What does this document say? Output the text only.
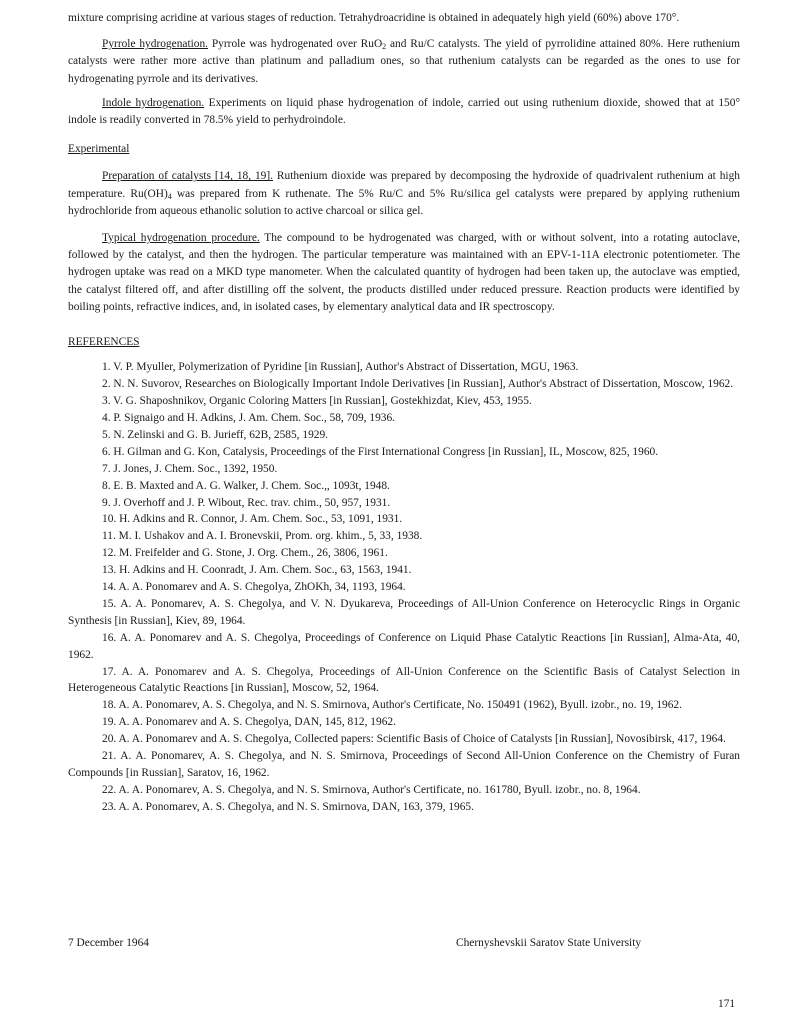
mixture comprising acridine at various stages of reduction. Tetrahydroacridine is obtained in adequately high yield (60%) above 170°.

Pyrrole hydrogenation. Pyrrole was hydrogenated over RuO$_2$ and Ru/C catalysts. The yield of pyrrolidine attained 80%. Here ruthenium catalysts were rather more active than platinum and palladium ones, so that ruthenium catalysts can be regarded as the ones to use for hydrogenating pyrrole and its derivatives.

Indole hydrogenation. Experiments on liquid phase hydrogenation of indole, carried out using ruthenium dioxide, showed that at 150° indole is readily converted in 78.5% yield to perhydroindole.

Experimental

Preparation of catalysts [14, 18, 19]. Ruthenium dioxide was prepared by decomposing the hydroxide of quadrivalent ruthenium at high temperature. $Ru(OH)_4$ was prepared from K ruthenate. The 5% Ru/C and 5% Ru/silica gel catalysts were prepared by applying ruthenium hydrochloride from aqueous ethanolic solution to active charcoal or silica gel.

Typical hydrogenation procedure. The compound to be hydrogenated was charged, with or without solvent, into a rotating autoclave, followed by the catalyst, and then the hydrogen. The particular temperature was maintained with an EPV-1-11A electronic potentiometer. The hydrogen uptake was read on a MKD type manometer. When the calculated quantity of hydrogen had been taken up, the autoclave was emptied, the catalyst filtered off, and after distilling off the solvent, the products distilled under reduced pressure. Reaction products were identified by boiling points, refractive indices, and, in isolated cases, by elementary analytical data and IR spectroscopy.

REFERENCES

1. V. P. Myuller, Polymerization of Pyridine [in Russian], Author's Abstract of Dissertation, MGU, 1963.

2. N. N. Suvorov, Researches on Biologically Important Indole Derivatives [in Russian], Author's Abstract of Dissertation, Moscow, 1962.

3. V. G. Shaposhnikov, Organic Coloring Matters [in Russian], Gostekhizdat, Kiev, 453, 1955.

4. P. Signaigo and H. Adkins, J. Am. Chem. Soc., 58, 709, 1936.

5. N. Zelinski and G. B. Jurieff, 62B, 2585, 1929.

6. H. Gilman and G. Kon, Catalysis, Proceedings of the First International Congress [in Russian], IL, Moscow, 825, 1960.

7. J. Jones, J. Chem. Soc., 1392, 1950.

8. E. B. Maxted and A. G. Walker, J. Chem. Soc.,, 1093t, 1948.

9. J. Overhoff and J. P. Wibout, Rec. trav. chim., 50, 957, 1931.

10. H. Adkins and R. Connor, J. Am. Chem. Soc., 53, 1091, 1931.

11. M. I. Ushakov and A. I. Bronevskii, Prom. org. khim., 5, 33, 1938.

12. M. Freifelder and G. Stone, J. Org. Chem., 26, 3806, 1961.

13. H. Adkins and H. Coonradt, J. Am. Chem. Soc., 63, 1563, 1941.

14. A. A. Ponomarev and A. S. Chegolya, ZhOKh, 34, 1193, 1964.

15. A. A. Ponomarev, A. S. Chegolya, and V. N. Dyukareva, Proceedings of All-Union Conference on Heterocyclic Rings in Organic Synthesis [in Russian], Kiev, 89, 1964.

16. A. A. Ponomarev and A. S. Chegolya, Proceedings of Conference on Liquid Phase Catalytic Reactions [in Russian], Alma-Ata, 40, 1962.

17. A. A. Ponomarev and A. S. Chegolya, Proceedings of All-Union Conference on the Scientific Basis of Catalyst Selection in Heterogeneous Catalytic Reactions [in Russian], Moscow, 52, 1964.

18. A. A. Ponomarev, A. S. Chegolya, and N. S. Smirnova, Author's Certificate, No. 150491 (1962), Byull. izobr., no. 19, 1962.

19. A. A. Ponomarev and A. S. Chegolya, DAN, 145, 812, 1962.

20. A. A. Ponomarev and A. S. Chegolya, Collected papers: Scientific Basis of Choice of Catalysts [in Russian], Novosibirsk, 417, 1964.

21. A. A. Ponomarev, A. S. Chegolya, and N. S. Smirnova, Proceedings of Second All-Union Conference on the Chemistry of Furan Compounds [in Russian], Saratov, 16, 1962.

22. A. A. Ponomarev, A. S. Chegolya, and N. S. Smirnova, Author's Certificate, no. 161780, Byull. izobr., no. 8, 1964.

23. A. A. Ponomarev, A. S. Chegolya, and N. S. Smirnova, DAN, 163, 379, 1965.

7 December 1964	Chernyshevskii Saratov State University
171
